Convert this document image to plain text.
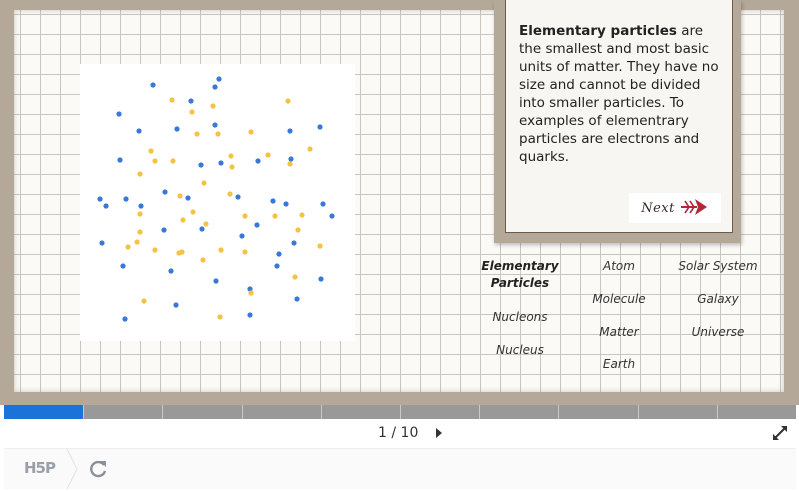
Elementary particles are the smallest and most basic units of matter. They have no size and cannot be divided into smaller particles. To examples of elementrary particles are electrons and quarks.

Next
Elementary Particles
Atom	Solar System
Molecule	Galaxy
Nucleons
Matter	Universe
Nucleus
Earth
1 / 10
H5P
